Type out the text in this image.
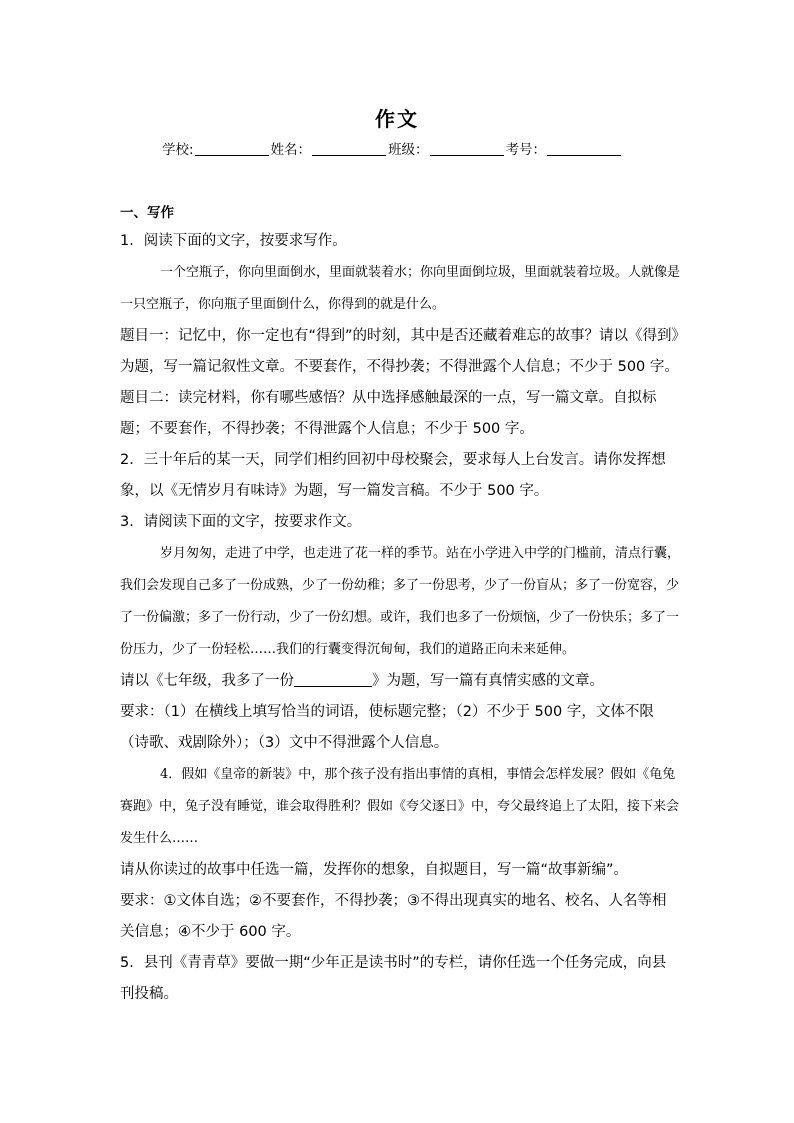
作文
学校:	姓名：	班级：	考号：
一、写作

1．阅读下面的文字，按要求写作。

一个空瓶子，你向里面倒水，里面就装着水；你向里面倒垃圾，里面就装着垃圾。人就像是一只空瓶子，你向瓶子里面倒什么，你得到的就是什么。

题目一：记忆中，你一定也有“得到”的时刻，其中是否还藏着难忘的故事？请以《得到》为题，写一篇记叙性文章。不要套作，不得抄袭；不得泄露个人信息；不少于 500 字。

题目二：读完材料，你有哪些感悟？从中选择感触最深的一点，写一篇文章。自拟标题；不要套作，不得抄袭；不得泄露个人信息；不少于 500 字。

2．三十年后的某一天，同学们相约回初中母校聚会，要求每人上台发言。请你发挥想象，以《无情岁月有味诗》为题，写一篇发言稿。不少于 500 字。

3．请阅读下面的文字，按要求作文。

岁月匆匆，走进了中学，也走进了花一样的季节。站在小学进入中学的门槛前，清点行囊，我们会发现自己多了一份成熟，少了一份幼稚；多了一份思考，少了一份盲从；多了一份宽容，少了一份偏激；多了一份行动，少了一份幻想。或许，我们也多了一份烦恼，少了一份快乐；多了一份压力，少了一份轻松……我们的行囊变得沉甸甸，我们的道路正向未来延伸。

请以《七年级，我多了一份	》为题，写一篇有真情实感的文章。

要求：（1）在横线上填写恰当的词语，使标题完整；（2）不少于 500 字，文体不限（诗歌、戏剧除外）；（3）文中不得泄露个人信息。

4．假如《皇帝的新装》中，那个孩子没有指出事情的真相，事情会怎样发展？假如《龟兔赛跑》中，兔子没有睡觉，谁会取得胜利？假如《夸父逐日》中，夸父最终追上了太阳，接下来会发生什么……

请从你读过的故事中任选一篇，发挥你的想象，自拟题目，写一篇“故事新编”。

要求：①文体自选；②不要套作，不得抄袭；③不得出现真实的地名、校名、人名等相关信息；④不少于 600 字。

5．县刊《青青草》要做一期“少年正是读书时”的专栏，请你任选一个任务完成，向县刊投稿。
